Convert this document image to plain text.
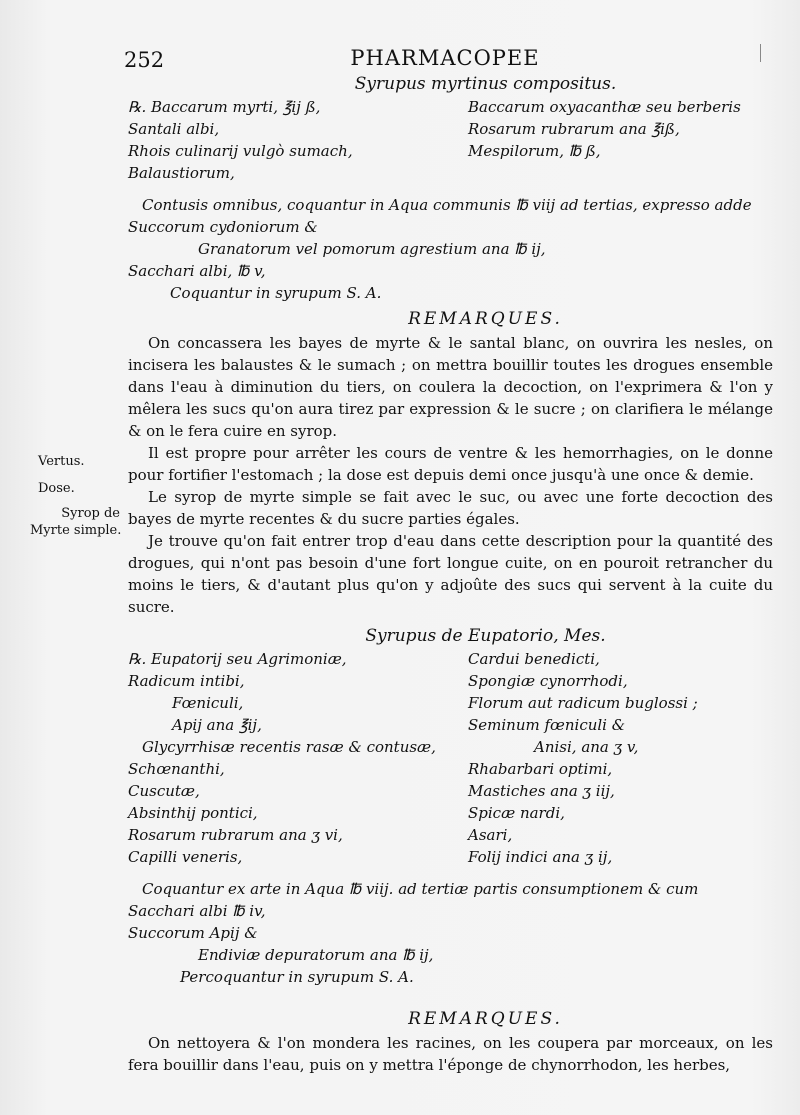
252	PHARMACOPEE
Vertus.
Dose.
Syrop de
Myrte simple.
Syrupus myrtinus compositus.
℞. Baccarum myrti, ℥ij ß,	Baccarum oxyacanthæ seu berberis
Santali albi,	Rosarum rubrarum ana ℥iß,
Rhois culinarij vulgò sumach,	Mespilorum, ℔ ß,
Balaustiorum,
Contusis omnibus, coquantur in Aqua communis ℔ viij ad tertias, expresso adde
Succorum cydoniorum &
Granatorum vel pomorum agrestium ana ℔ ij,
Sacchari albi, ℔ v,
Coquantur in syrupum S. A.
REMARQUES.

On concassera les bayes de myrte & le santal blanc, on ouvrira les nesles, on incisera les balaustes & le sumach ; on mettra bouillir toutes les drogues ensemble dans l'eau à diminution du tiers, on coulera la decoction, on l'exprimera & l'on y mêlera les sucs qu'on aura tirez par expression & le sucre ; on clarifiera le mélange & on le fera cuire en syrop.

Il est propre pour arrêter les cours de ventre & les hemorrhagies, on le donne pour fortifier l'estomach ; la dose est depuis demi once jusqu'à une once & demie.

Le syrop de myrte simple se fait avec le suc, ou avec une forte decoction des bayes de myrte recentes & du sucre parties égales.

Je trouve qu'on fait entrer trop d'eau dans cette description pour la quantité des drogues, qui n'ont pas besoin d'une fort longue cuite, on en pouroit retrancher du moins le tiers, & d'autant plus qu'on y adjoûte des sucs qui servent à la cuite du sucre.

Syrupus de Eupatorio, Mes.
℞. Eupatorij seu Agrimoniæ,	Cardui benedicti,
Radicum intibi,	Spongiæ cynorrhodi,
Fœniculi,	Florum aut radicum buglossi ;
Apij ana ℥ij,	Seminum fœniculi &
Glycyrrhisæ recentis rasæ & contusæ,	Anisi, ana ʒ v,
Schœnanthi,	Rhabarbari optimi,
Cuscutæ,	Mastiches ana ʒ iij,
Absinthij pontici,	Spicæ nardi,
Rosarum rubrarum ana ʒ vi,	Asari,
Capilli veneris,	Folij indici ana ʒ ij,
Coquantur ex arte in Aqua ℔ viij. ad tertiæ partis consumptionem & cum
Sacchari albi ℔ iv,
Succorum Apij &
Endiviæ depuratorum ana ℔ ij,
Percoquantur in syrupum S. A.
REMARQUES.

On nettoyera & l'on mondera les racines, on les coupera par morceaux, on les fera bouillir dans l'eau, puis on y mettra l'éponge de chynorrhodon, les herbes,
